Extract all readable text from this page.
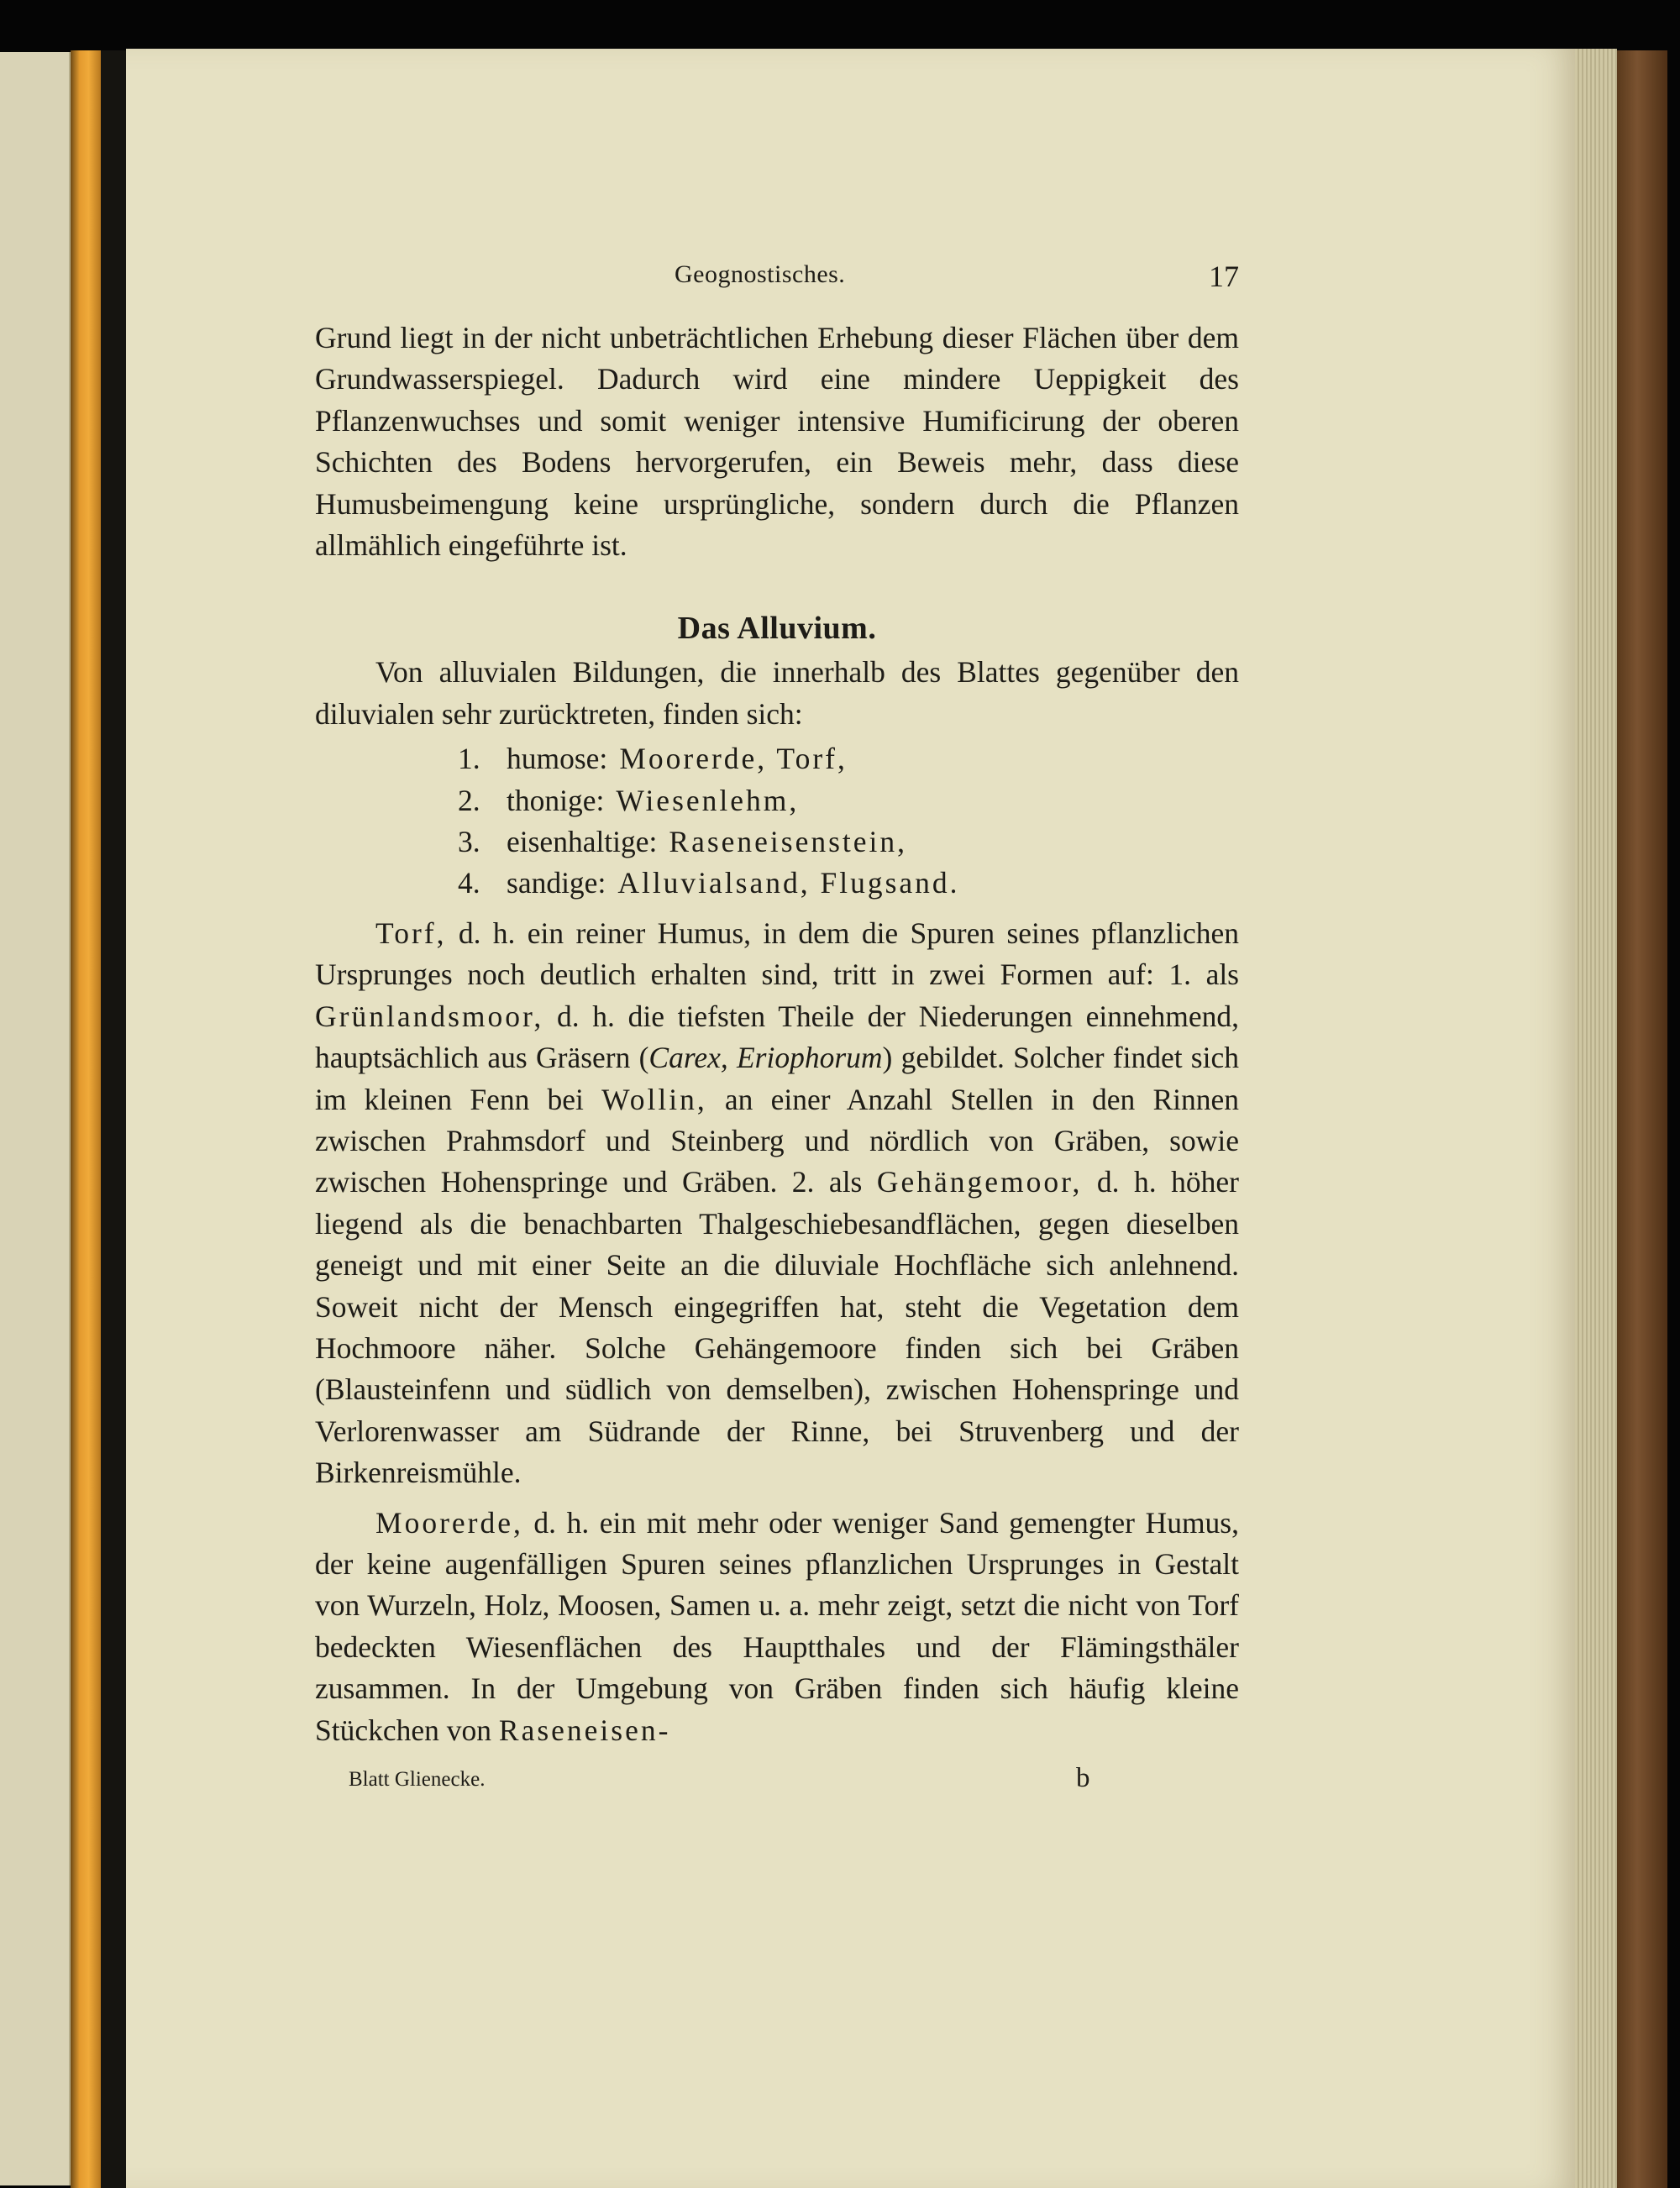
Geognostisches.	17

Grund liegt in der nicht unbeträchtlichen Erhebung dieser Flächen über dem Grundwasserspiegel. Dadurch wird eine mindere Ueppigkeit des Pflanzenwuchses und somit weniger intensive Humificirung der oberen Schichten des Bodens hervorgerufen, ein Beweis mehr, dass diese Humusbeimengung keine ursprüngliche, sondern durch die Pflanzen allmählich eingeführte ist.

Das Alluvium.

Von alluvialen Bildungen, die innerhalb des Blattes gegenüber den diluvialen sehr zurücktreten, finden sich:

1. humose: Moorerde, Torf,
2. thonige: Wiesenlehm,
3. eisenhaltige: Raseneisenstein,
4. sandige: Alluvialsand, Flugsand.

Torf, d. h. ein reiner Humus, in dem die Spuren seines pflanzlichen Ursprunges noch deutlich erhalten sind, tritt in zwei Formen auf: 1. als Grünlandsmoor, d. h. die tiefsten Theile der Niederungen einnehmend, hauptsächlich aus Gräsern (Carex, Eriophorum) gebildet. Solcher findet sich im kleinen Fenn bei Wollin, an einer Anzahl Stellen in den Rinnen zwischen Prahmsdorf und Steinberg und nördlich von Gräben, sowie zwischen Hohenspringe und Gräben. 2. als Gehängemoor, d. h. höher liegend als die benachbarten Thalgeschiebesandflächen, gegen dieselben geneigt und mit einer Seite an die diluviale Hochfläche sich anlehnend. Soweit nicht der Mensch eingegriffen hat, steht die Vegetation dem Hochmoore näher. Solche Gehängemoore finden sich bei Gräben (Blausteinfenn und südlich von demselben), zwischen Hohenspringe und Verlorenwasser am Südrande der Rinne, bei Struvenberg und der Birkenreismühle.

Moorerde, d. h. ein mit mehr oder weniger Sand gemengter Humus, der keine augenfälligen Spuren seines pflanzlichen Ursprunges in Gestalt von Wurzeln, Holz, Moosen, Samen u. a. mehr zeigt, setzt die nicht von Torf bedeckten Wiesenflächen des Hauptthales und der Flämingsthäler zusammen. In der Umgebung von Gräben finden sich häufig kleine Stückchen von Raseneisen-

Blatt Glienecke.	b
